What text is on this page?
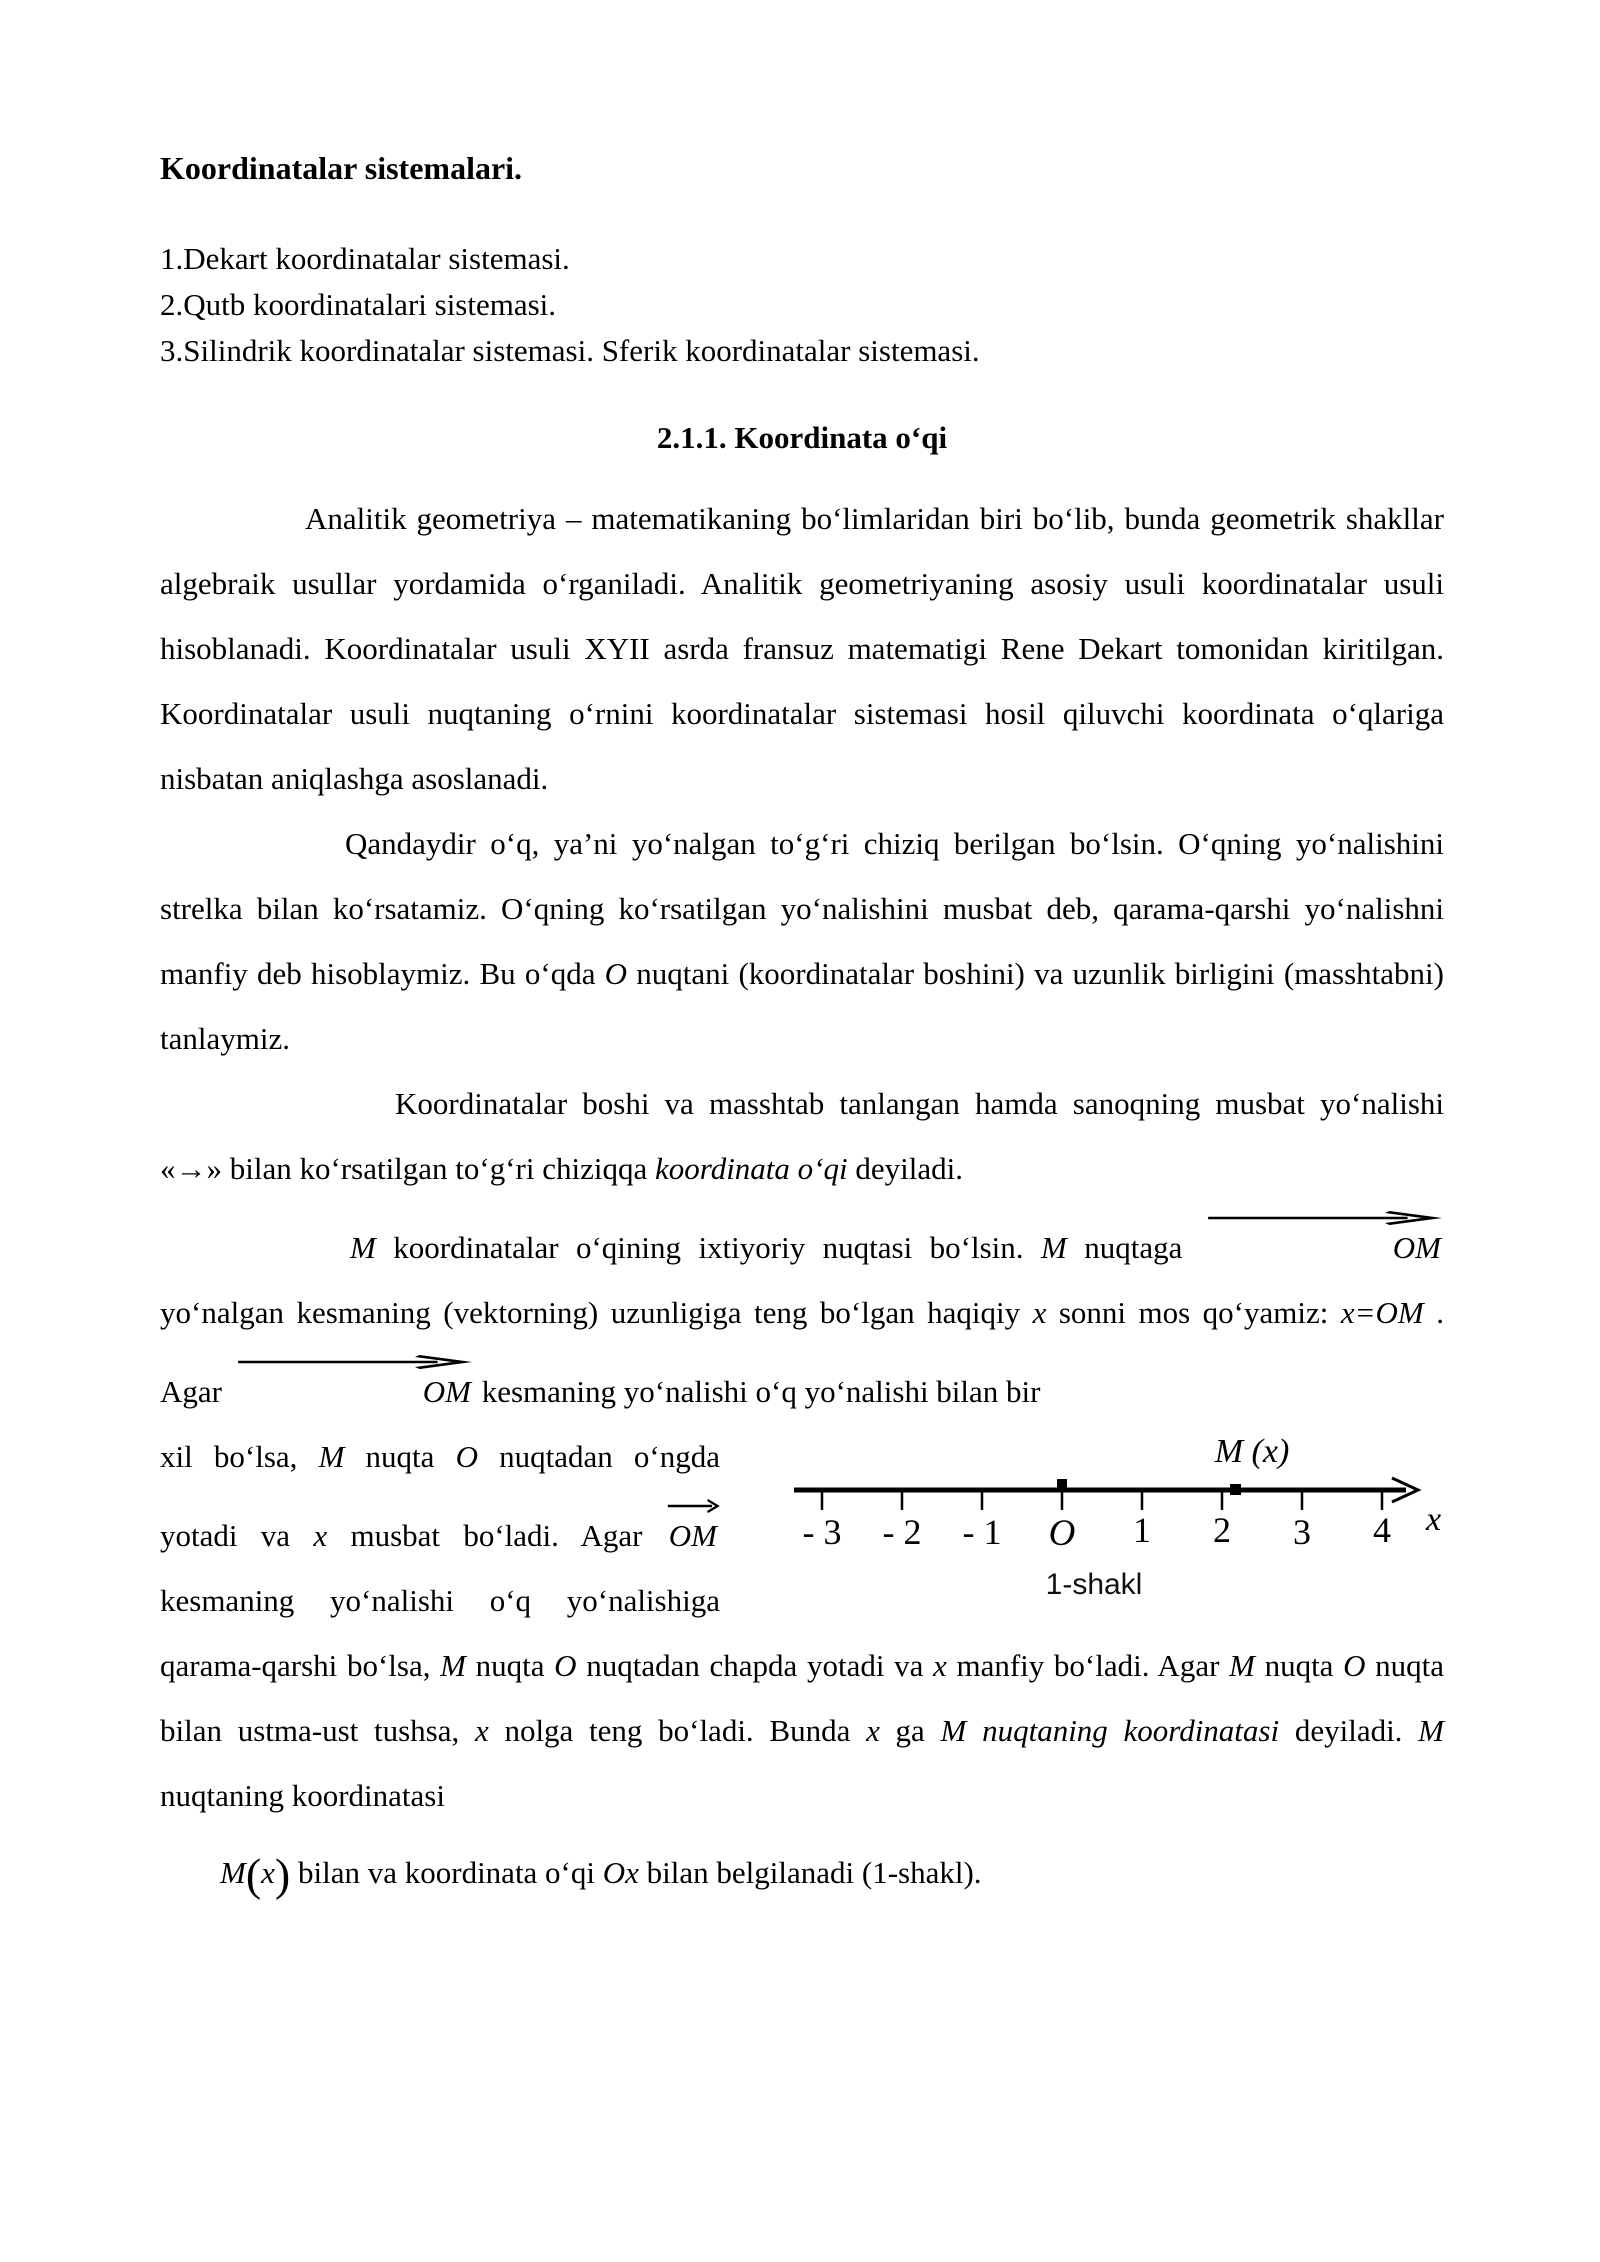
Koordinatalar sistemalari.

1.Dekart koordinatalar sistemasi.

2.Qutb koordinatalari sistemasi.

3.Silindrik koordinatalar sistemasi. Sferik koordinatalar sistemasi.

2.1.1. Koordinata o‘qi

Analitik geometriya – matematikaning bo‘limlaridan biri bo‘lib, bunda geometrik shakllar algebraik usullar yordamida o‘rganiladi. Analitik geometriyaning asosiy usuli koordinatalar usuli hisoblanadi. Koordinatalar usuli XYII asrda fransuz matematigi Rene Dekart tomonidan kiritilgan. Koordinatalar usuli nuqtaning o‘rnini koordinatalar sistemasi hosil qiluvchi koordinata o‘qlariga nisbatan aniqlashga asoslanadi.

Qandaydir o‘q, ya’ni yo‘nalgan to‘g‘ri chiziq berilgan bo‘lsin. O‘qning yo‘nalishini strelka bilan ko‘rsatamiz. O‘qning ko‘rsatilgan yo‘nalishini musbat deb, qarama-qarshi yo‘nalishni manfiy deb hisoblaymiz. Bu o‘qda O nuqtani (koordinatalar boshini) va uzunlik birligini (masshtabni) tanlaymiz.

Koordinatalar boshi va masshtab tanlangan hamda sanoqning musbat yo‘nalishi «→» bilan ko‘rsatilgan to‘g‘ri chiziqqa koordinata o‘qi deyiladi.

M koordinatalar o‘qining ixtiyoriy nuqtasi bo‘lsin. M nuqtaga	OM yo‘nalgan kesmaning (vektorning) uzunligiga teng bo‘lgan haqiqiy x sonni mos qo‘yamiz: x=OM . Agar	OM kesmaning yo‘nalishi o‘q yo‘nalishi bilan bir

- 3 - 2 - 1 O 1 2 3 4 x
M (x)
1-shakl
xil bo‘lsa, M nuqta O nuqtadan o‘ngda yotadi va x musbat bo‘ladi. Agar
OM kesmaning yo‘nalishi o‘q yo‘nalishiga qarama-qarshi bo‘lsa, M nuqta O nuqtadan chapda yotadi va x manfiy bo‘ladi. Agar M nuqta O nuqta bilan ustma-ust tushsa, x nolga teng bo‘ladi. Bunda x ga M nuqtaning koordinatasi deyiladi. M nuqtaning koordinatasi

M(x) bilan va koordinata o‘qi Ox bilan belgilanadi (1-shakl).
